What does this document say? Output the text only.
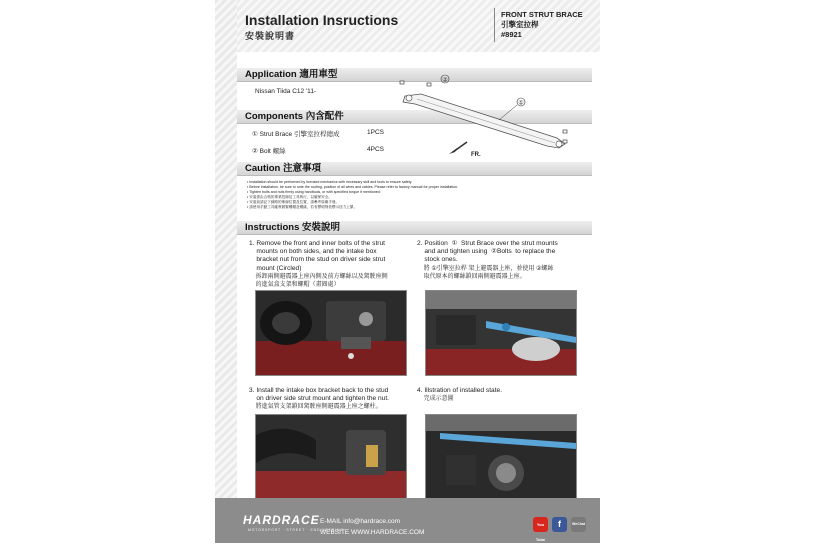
Installation Insructions
安裝說明書
FRONT STRUT BRACE
引擎室拉桿
#8921
Application 適用車型
Nissan Tiida C12 '11-
Components 內含配件
① Strut Brace 引擎室拉桿總成	1PCS
② Bolt 螺絲	4PCS
②
①
FR.
Caution 注意事項
• Installation should be performed by licensed mechanics with necessary skill and tools to ensure safety.
• Before installation, be sure to note the routing, position of all wires and cables. Please refer to factory manual for proper installation.
• Tighten bolts and nuts firmly using handtools, or with specified torque if mentioned.
• 安裝需由合格的專業技師及工具執行，以確保安全。
• 安裝前請記下線路的佈線位置及位置，請參考原廠手冊。
• 請使用手動工具確實鎖緊螺帽及螺絲，若有標明則依標示扭力上緊。
Instructions 安裝說明
1. Remove the front and inner bolts of the strut
mounts on both sides, and the intake box
bracket nut from the stud on driver side strut
mount (Circled)
拆卸兩側避震器上座內側及前方螺絲以及駕駛座側
的進氣盒支架和螺帽（畫圈處）
2. Position  ①  Strut Brace over the strut mounts
and and tighten using  ②Bolts  to replace the
stock ones.
將 ①引擎室拉桿 架上避震器上座，並使用 ②螺絲
取代原本的螺絲鎖回兩側避震器上座。
3. Install the intake box bracket back to the stud
on driver side strut mount and tighten the nut.
將進氣管支架鎖回駕駛座側避震器上座之螺柱。
4. Illstration of installed state.
完成示意圖
HARDRACE
MOTORSPORT · STREET · ENGINEERING
E-MAIL info@hardrace.com
WEBSITE WWW.HARDRACE.COM
You Tube
f	WeChat
